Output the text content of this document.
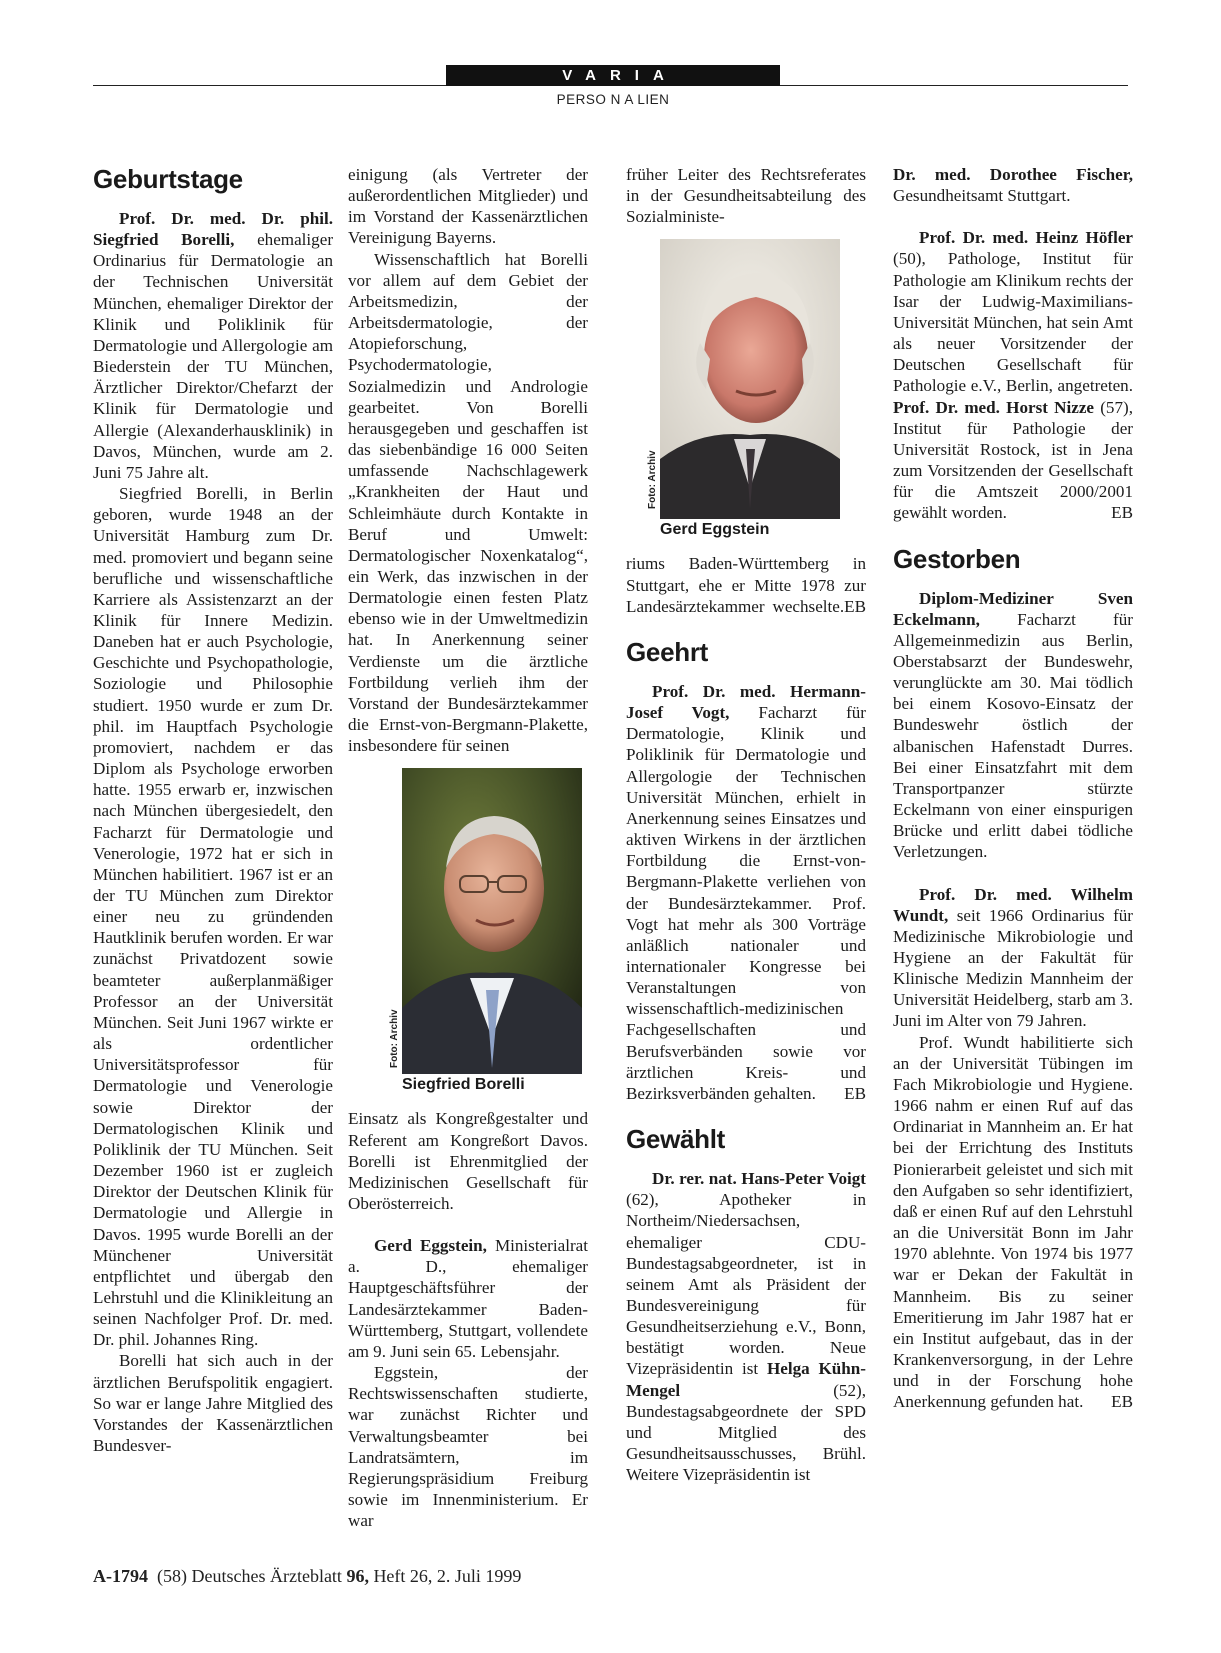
VARIA
PERSO N A LIEN
Geburtstage

Prof. Dr. med. Dr. phil. Siegfried Borelli, ehemaliger Ordinarius für Dermatologie an der Technischen Universität München, ehemaliger Direktor der Klinik und Poliklinik für Dermatologie und Allergologie am Biederstein der TU München, Ärztlicher Direktor/Chefarzt der Klinik für Dermatologie und Allergie (Alexanderhausklinik) in Davos, München, wurde am 2. Juni 75 Jahre alt.

Siegfried Borelli, in Berlin geboren, wurde 1948 an der Universität Hamburg zum Dr. med. promoviert und begann seine berufliche und wissenschaftliche Karriere als Assistenzarzt an der Klinik für Innere Medizin. Daneben hat er auch Psychologie, Geschichte und Psychopathologie, Soziologie und Philosophie studiert. 1950 wurde er zum Dr. phil. im Hauptfach Psychologie promoviert, nachdem er das Diplom als Psychologe erworben hatte. 1955 erwarb er, inzwischen nach München übergesiedelt, den Facharzt für Dermatologie und Venerologie, 1972 hat er sich in München habilitiert. 1967 ist er an der TU München zum Direktor einer neu zu gründenden Hautklinik berufen worden. Er war zunächst Privatdozent sowie beamteter außerplanmäßiger Professor an der Universität München. Seit Juni 1967 wirkte er als ordentlicher Universitätsprofessor für Dermatologie und Venerologie sowie Direktor der Dermatologischen Klinik und Poliklinik der TU München. Seit Dezember 1960 ist er zugleich Direktor der Deutschen Klinik für Dermatologie und Allergie in Davos. 1995 wurde Borelli an der Münchener Universität entpflichtet und übergab den Lehrstuhl und die Klinikleitung an seinen Nachfolger Prof. Dr. med. Dr. phil. Johannes Ring.

Borelli hat sich auch in der ärztlichen Berufspolitik engagiert. So war er lange Jahre Mitglied des Vorstandes der Kassenärztlichen Bundesver-

einigung (als Vertreter der außerordentlichen Mitglieder) und im Vorstand der Kassenärztlichen Vereinigung Bayerns.

Wissenschaftlich hat Borelli vor allem auf dem Gebiet der Arbeitsmedizin, der Arbeitsdermatologie, der Atopieforschung, Psychodermatologie, Sozialmedizin und Andrologie gearbeitet. Von Borelli herausgegeben und geschaffen ist das siebenbändige 16 000 Seiten umfassende Nachschlagewerk „Krankheiten der Haut und Schleimhäute durch Kontakte in Beruf und Umwelt: Dermatologischer Noxenkatalog“, ein Werk, das inzwischen in der Dermatologie einen festen Platz ebenso wie in der Umweltmedizin hat. In Anerkennung seiner Verdienste um die ärztliche Fortbildung verlieh ihm der Vorstand der Bundesärztekammer die Ernst-von-Bergmann-Plakette, insbesondere für seinen

Foto: Archiv
Siegfried Borelli

Einsatz als Kongreßgestalter und Referent am Kongreßort Davos. Borelli ist Ehrenmitglied der Medizinischen Gesellschaft für Oberösterreich.

Gerd Eggstein, Ministerialrat a. D., ehemaliger Hauptgeschäftsführer der Landesärztekammer Baden-Württemberg, Stuttgart, vollendete am 9. Juni sein 65. Lebensjahr.

Eggstein, der Rechtswissenschaften studierte, war zunächst Richter und Verwaltungsbeamter bei Landratsämtern, im Regierungspräsidium Freiburg sowie im Innenministerium. Er war

früher Leiter des Rechtsreferates in der Gesundheitsabteilung des Sozialministe-

Foto: Archiv
Gerd Eggstein

riums Baden-Württemberg in Stuttgart, ehe er Mitte 1978 zur Landesärztekammer wechselte. EB

Geehrt

Prof. Dr. med. Hermann-Josef Vogt, Facharzt für Dermatologie, Klinik und Poliklinik für Dermatologie und Allergologie der Technischen Universität München, erhielt in Anerkennung seines Einsatzes und aktiven Wirkens in der ärztlichen Fortbildung die Ernst-von-Bergmann-Plakette verliehen von der Bundesärztekammer. Prof. Vogt hat mehr als 300 Vorträge anläßlich nationaler und internationaler Kongresse bei Veranstaltungen von wissenschaftlich-medizinischen Fachgesellschaften und Berufsverbänden sowie vor ärztlichen Kreis- und Bezirksverbänden gehalten.	EB

Gewählt

Dr. rer. nat. Hans-Peter Voigt (62), Apotheker in Northeim/Niedersachsen, ehemaliger CDU-Bundestagsabgeordneter, ist in seinem Amt als Präsident der Bundesvereinigung für Gesundheitserziehung e.V., Bonn, bestätigt worden. Neue Vizepräsidentin ist Helga Kühn-Mengel (52), Bundestagsabgeordnete der SPD und Mitglied des Gesundheitsausschusses, Brühl. Weitere Vizepräsidentin ist

Dr. med. Dorothee Fischer, Gesundheitsamt Stuttgart.

Prof. Dr. med. Heinz Höfler (50), Pathologe, Institut für Pathologie am Klinikum rechts der Isar der Ludwig-Maximilians-Universität München, hat sein Amt als neuer Vorsitzender der Deutschen Gesellschaft für Pathologie e.V., Berlin, angetreten. Prof. Dr. med. Horst Nizze (57), Institut für Pathologie der Universität Rostock, ist in Jena zum Vorsitzenden der Gesellschaft für die Amtszeit 2000/2001 gewählt worden.	EB

Gestorben

Diplom-Mediziner Sven Eckelmann, Facharzt für Allgemeinmedizin aus Berlin, Oberstabsarzt der Bundeswehr, verunglückte am 30. Mai tödlich bei einem Kosovo-Einsatz der Bundeswehr östlich der albanischen Hafenstadt Durres. Bei einer Einsatzfahrt mit dem Transportpanzer stürzte Eckelmann von einer einspurigen Brücke und erlitt dabei tödliche Verletzungen.

Prof. Dr. med. Wilhelm Wundt, seit 1966 Ordinarius für Medizinische Mikrobiologie und Hygiene an der Fakultät für Klinische Medizin Mannheim der Universität Heidelberg, starb am 3. Juni im Alter von 79 Jahren.

Prof. Wundt habilitierte sich an der Universität Tübingen im Fach Mikrobiologie und Hygiene. 1966 nahm er einen Ruf auf das Ordinariat in Mannheim an. Er hat bei der Errichtung des Instituts Pionierarbeit geleistet und sich mit den Aufgaben so sehr identifiziert, daß er einen Ruf auf den Lehrstuhl an die Universität Bonn im Jahr 1970 ablehnte. Von 1974 bis 1977 war er Dekan der Fakultät in Mannheim. Bis zu seiner Emeritierung im Jahr 1987 hat er ein Institut aufgebaut, das in der Krankenversorgung, in der Lehre und in der Forschung hohe Anerkennung gefunden hat.	EB

A-1794 (58) Deutsches Ärzteblatt 96, Heft 26, 2. Juli 1999
